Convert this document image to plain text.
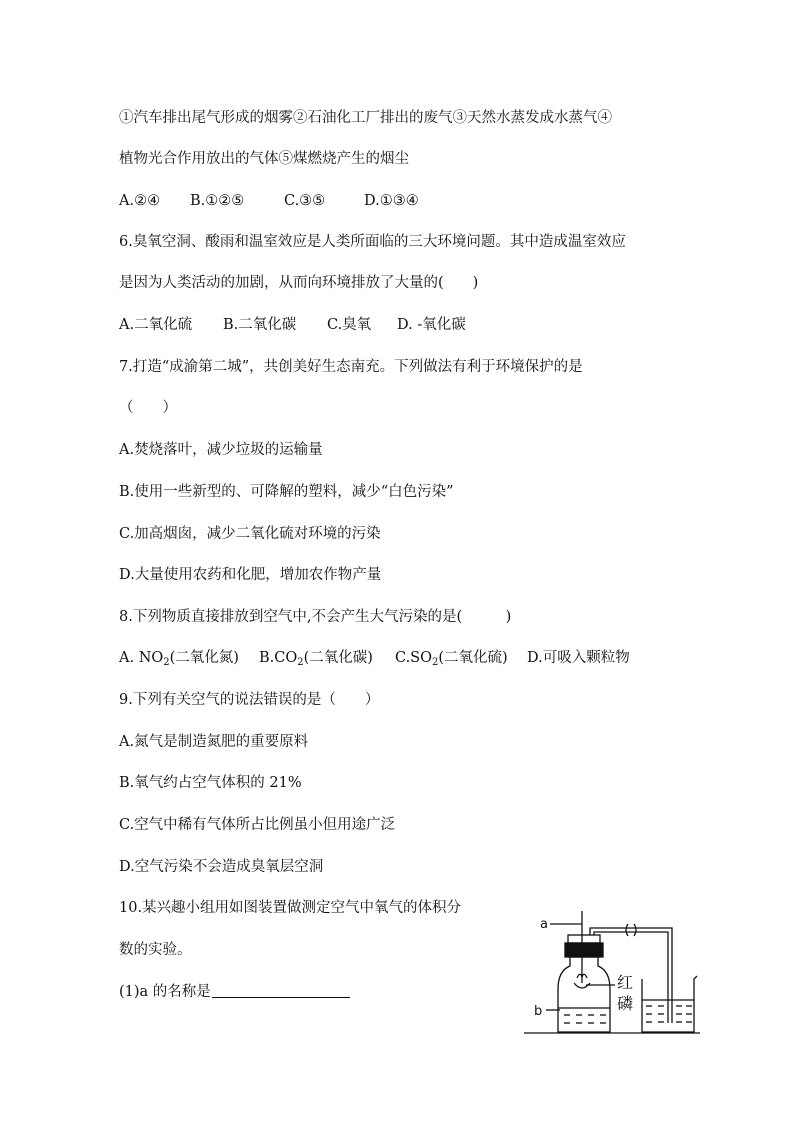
①汽车排出尾气形成的烟雾②石油化工厂排出的废气③天然水蒸发成水蒸气④
植物光合作用放出的气体⑤煤燃烧产生的烟尘
A.②④ B.①②⑤	C.③⑤	D.①③④
6.臭氧空洞、酸雨和温室效应是人类所面临的三大环境问题。其中造成温室效应
是因为人类活动的加剧，从而向环境排放了大量的(　　)
A.二氧化硫 B.二氧化碳 C.臭氧 D. -氧化碳
7.打造“成渝第二城”，共创美好生态南充。下列做法有利于环境保护的是
（　　）
A.焚烧落叶，减少垃圾的运输量
B.使用一些新型的、可降解的塑料，减少“白色污染”
C.加高烟囱，减少二氧化硫对环境的污染
D.大量使用农药和化肥，增加农作物产量
8.下列物质直接排放到空气中,不会产生大气污染的是(　　　)
A. $NO_2$(二氧化氮) $B.CO_2$(二氧化碳) $C.SO_2$(二氧化硫) D.可吸入颗粒物
9.下列有关空气的说法错误的是（　　）
A.氮气是制造氮肥的重要原料
B.氧气约占空气体积的 21%
C.空气中稀有气体所占比例虽小但用途广泛
D.空气污染不会造成臭氧层空洞
10.某兴趣小组用如图装置做测定空气中氧气的体积分
数的实验。
(1)a 的名称是
a
b
红
磷
